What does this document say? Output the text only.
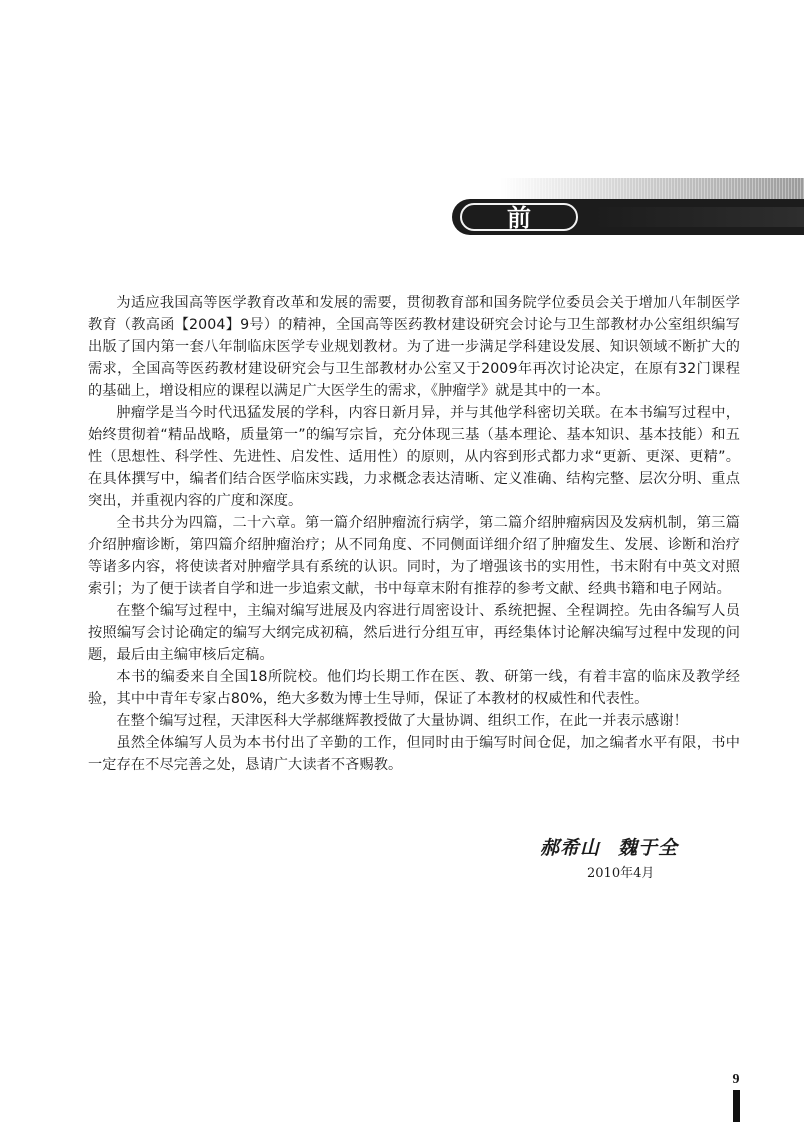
前言

为适应我国高等医学教育改革和发展的需要，贯彻教育部和国务院学位委员会关于增加八年制医学教育（教高函【2004】9号）的精神，全国高等医药教材建设研究会讨论与卫生部教材办公室组织编写出版了国内第一套八年制临床医学专业规划教材。为了进一步满足学科建设发展、知识领域不断扩大的需求，全国高等医药教材建设研究会与卫生部教材办公室又于2009年再次讨论决定，在原有32门课程的基础上，增设相应的课程以满足广大医学生的需求，《肿瘤学》就是其中的一本。

肿瘤学是当今时代迅猛发展的学科，内容日新月异，并与其他学科密切关联。在本书编写过程中，始终贯彻着“精品战略，质量第一”的编写宗旨，充分体现三基（基本理论、基本知识、基本技能）和五性（思想性、科学性、先进性、启发性、适用性）的原则，从内容到形式都力求“更新、更深、更精”。在具体撰写中，编者们结合医学临床实践，力求概念表达清晰、定义准确、结构完整、层次分明、重点突出，并重视内容的广度和深度。

全书共分为四篇，二十六章。第一篇介绍肿瘤流行病学，第二篇介绍肿瘤病因及发病机制，第三篇介绍肿瘤诊断，第四篇介绍肿瘤治疗；从不同角度、不同侧面详细介绍了肿瘤发生、发展、诊断和治疗等诸多内容，将使读者对肿瘤学具有系统的认识。同时，为了增强该书的实用性，书末附有中英文对照索引；为了便于读者自学和进一步追索文献，书中每章末附有推荐的参考文献、经典书籍和电子网站。

在整个编写过程中，主编对编写进展及内容进行周密设计、系统把握、全程调控。先由各编写人员按照编写会讨论确定的编写大纲完成初稿，然后进行分组互审，再经集体讨论解决编写过程中发现的问题，最后由主编审核后定稿。

本书的编委来自全国18所院校。他们均长期工作在医、教、研第一线，有着丰富的临床及教学经验，其中中青年专家占80%，绝大多数为博士生导师，保证了本教材的权威性和代表性。

在整个编写过程，天津医科大学郝继辉教授做了大量协调、组织工作，在此一并表示感谢！

虽然全体编写人员为本书付出了辛勤的工作，但同时由于编写时间仓促，加之编者水平有限，书中一定存在不尽完善之处，恳请广大读者不吝赐教。

郝希山 魏于全
2010年4月
9
